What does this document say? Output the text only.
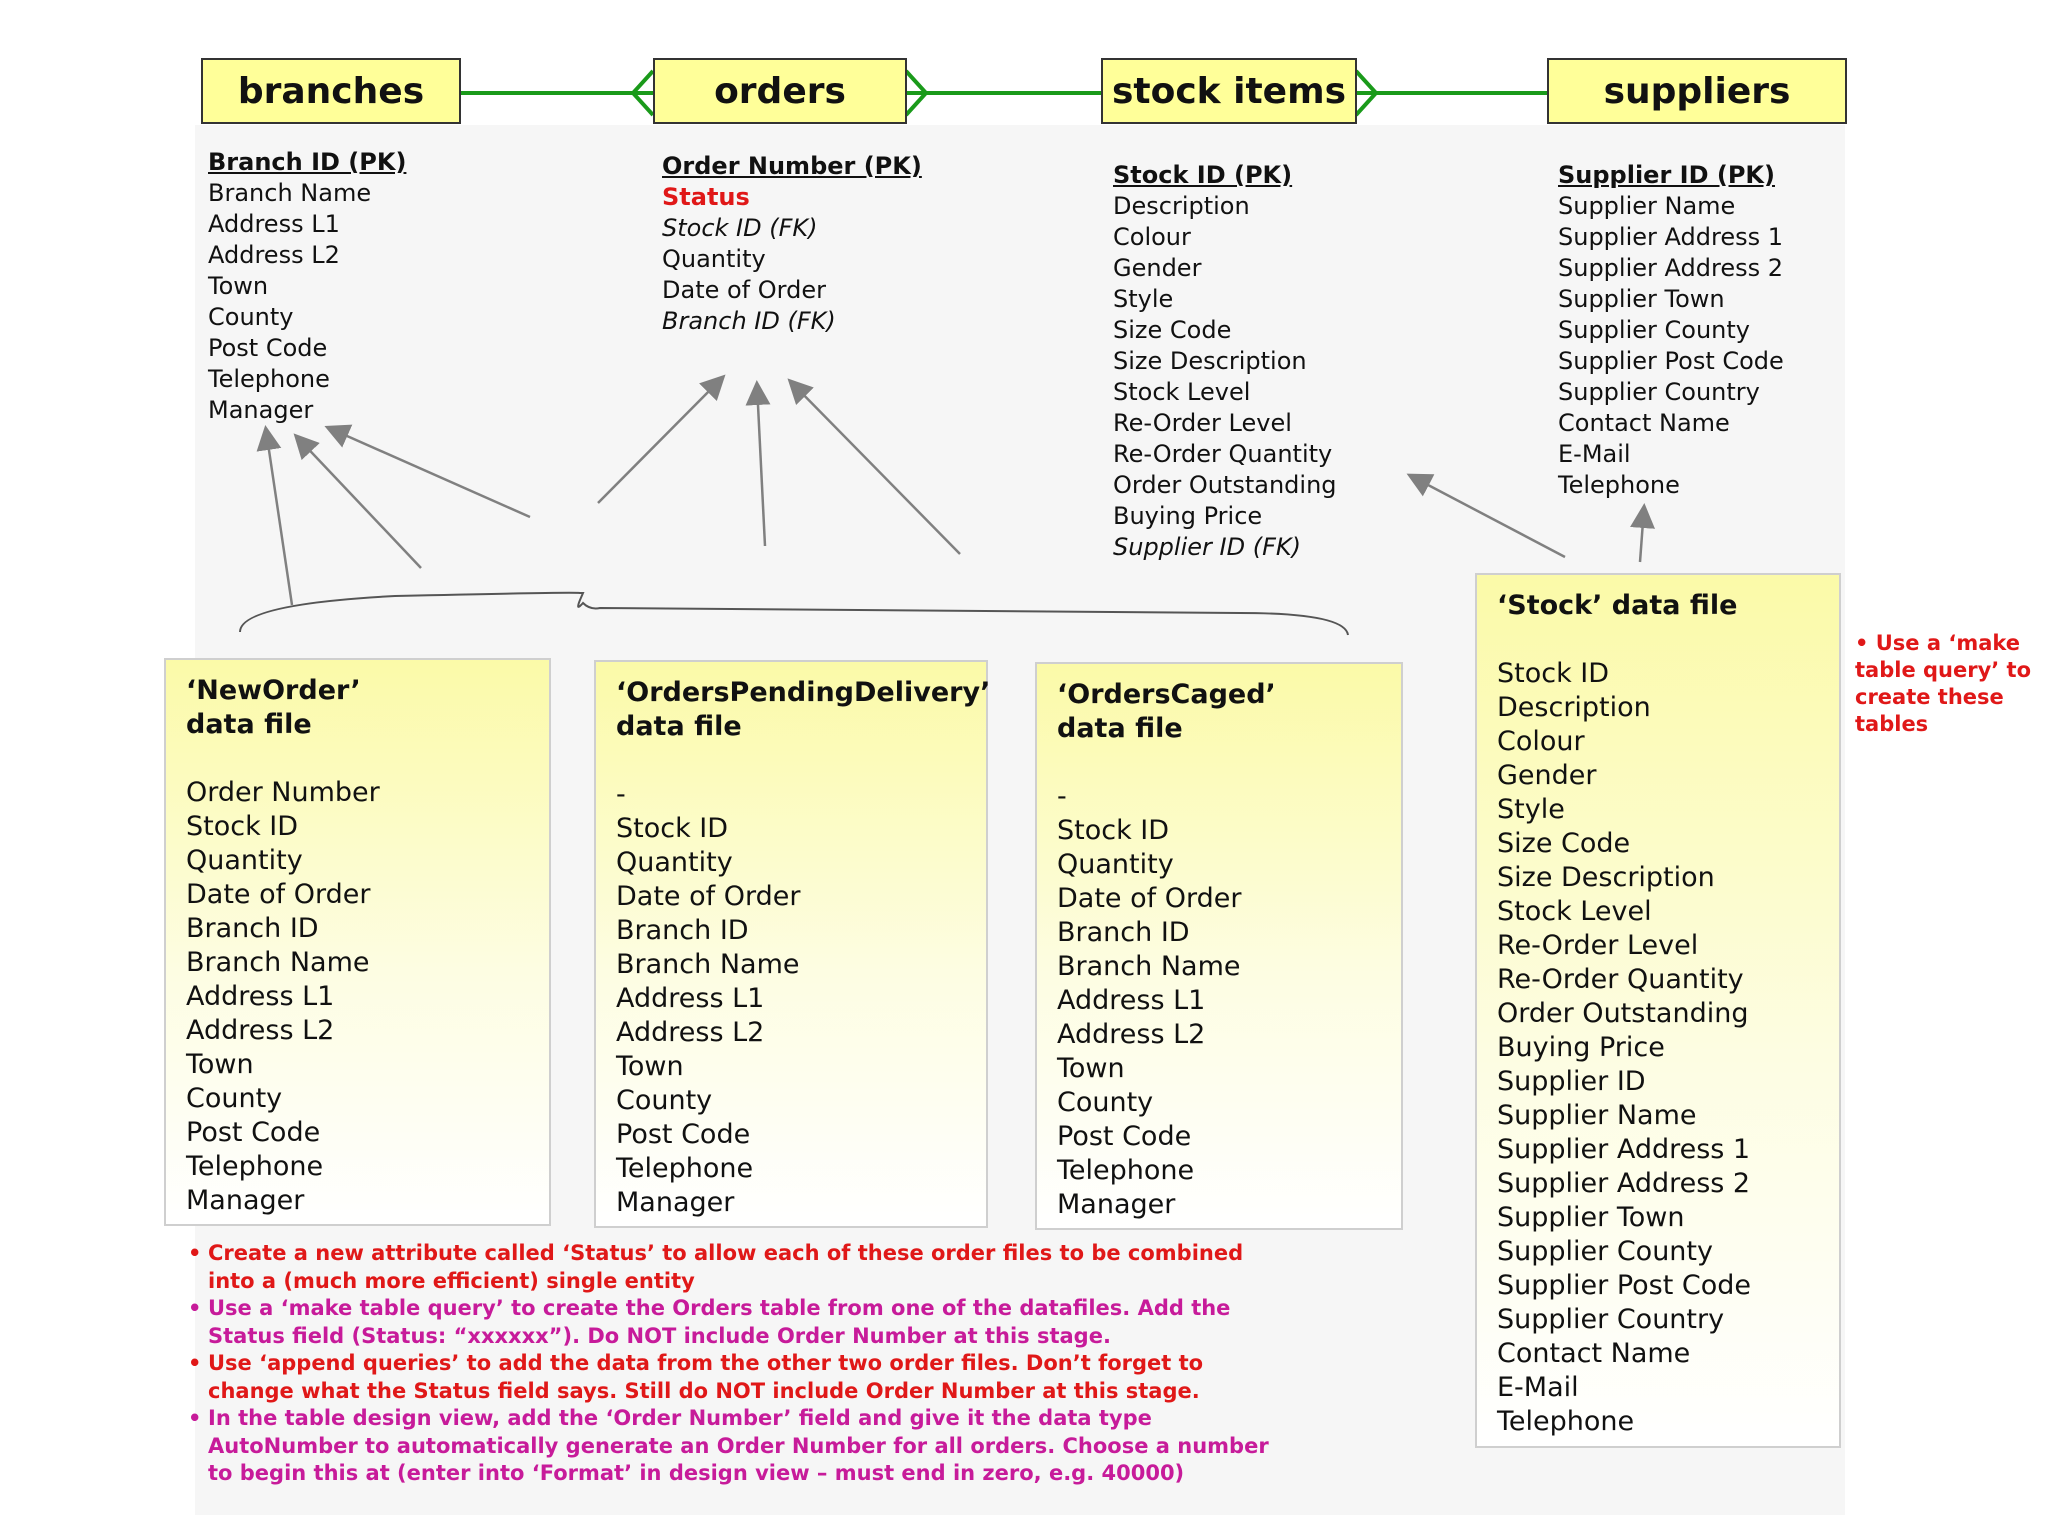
branches	orders	stock items	suppliers
Branch ID (PK)
Branch Name
Address L1
Address L2
Town
County
Post Code
Telephone
Manager
Order Number (PK)
Status
Stock ID (FK)
Quantity
Date of Order
Branch ID (FK)
Stock ID (PK)
Description
Colour
Gender
Style
Size Code
Size Description
Stock Level
Re-Order Level
Re-Order Quantity
Order Outstanding
Buying Price
Supplier ID (FK)
Supplier ID (PK)
Supplier Name
Supplier Address 1
Supplier Address 2
Supplier Town
Supplier County
Supplier Post Code
Supplier Country
Contact Name
E-Mail
Telephone
‘NewOrder’
data file
Order Number
Stock ID
Quantity
Date of Order
Branch ID
Branch Name
Address L1
Address L2
Town
County
Post Code
Telephone
Manager
‘OrdersPendingDelivery’
data file
-
Stock ID
Quantity
Date of Order
Branch ID
Branch Name
Address L1
Address L2
Town
County
Post Code
Telephone
Manager
‘OrdersCaged’
data file
-
Stock ID
Quantity
Date of Order
Branch ID
Branch Name
Address L1
Address L2
Town
County
Post Code
Telephone
Manager
‘Stock’ data file
Stock ID
Description
Colour
Gender
Style
Size Code
Size Description
Stock Level
Re-Order Level
Re-Order Quantity
Order Outstanding
Buying Price
Supplier ID
Supplier Name
Supplier Address 1
Supplier Address 2
Supplier Town
Supplier County
Supplier Post Code
Supplier Country
Contact Name
E-Mail
Telephone
• Create a new attribute called ‘Status’ to allow each of these order files to be combined into a (much more efficient) single entity
• Use a ‘make table query’ to create the Orders table from one of the datafiles. Add the Status field (Status: “xxxxxx”). Do NOT include Order Number at this stage.
• Use ‘append queries’ to add the data from the other two order files. Don’t forget to change what the Status field says. Still do NOT include Order Number at this stage.
• In the table design view, add the ‘Order Number’ field and give it the data type AutoNumber to automatically generate an Order Number for all orders. Choose a number to begin this at (enter into ‘Format’ in design view – must end in zero, e.g. 40000)
• Use a ‘make table query’ to create these tables
